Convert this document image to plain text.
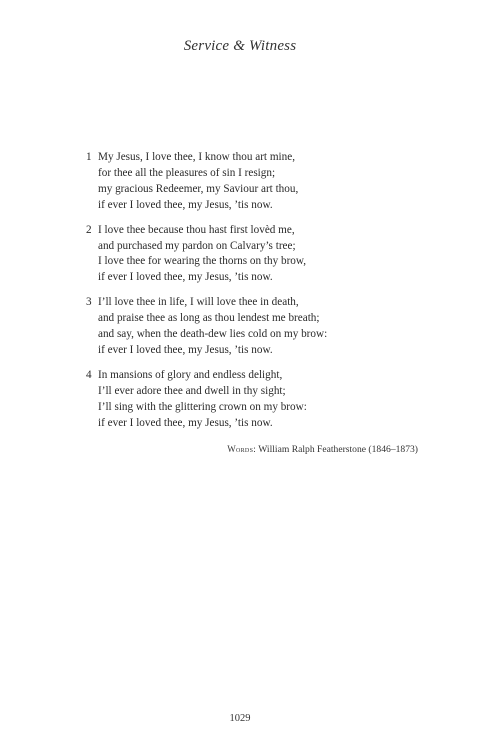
Service & Witness
1 My Jesus, I love thee, I know thou art mine,
for thee all the pleasures of sin I resign;
my gracious Redeemer, my Saviour art thou,
if ever I loved thee, my Jesus, ’tis now.
2 I love thee because thou hast first lovèd me,
and purchased my pardon on Calvary’s tree;
I love thee for wearing the thorns on thy brow,
if ever I loved thee, my Jesus, ’tis now.
3 I’ll love thee in life, I will love thee in death,
and praise thee as long as thou lendest me breath;
and say, when the death-dew lies cold on my brow:
if ever I loved thee, my Jesus, ’tis now.
4 In mansions of glory and endless delight,
I’ll ever adore thee and dwell in thy sight;
I’ll sing with the glittering crown on my brow:
if ever I loved thee, my Jesus, ’tis now.
Words: William Ralph Featherstone (1846–1873)
1029
